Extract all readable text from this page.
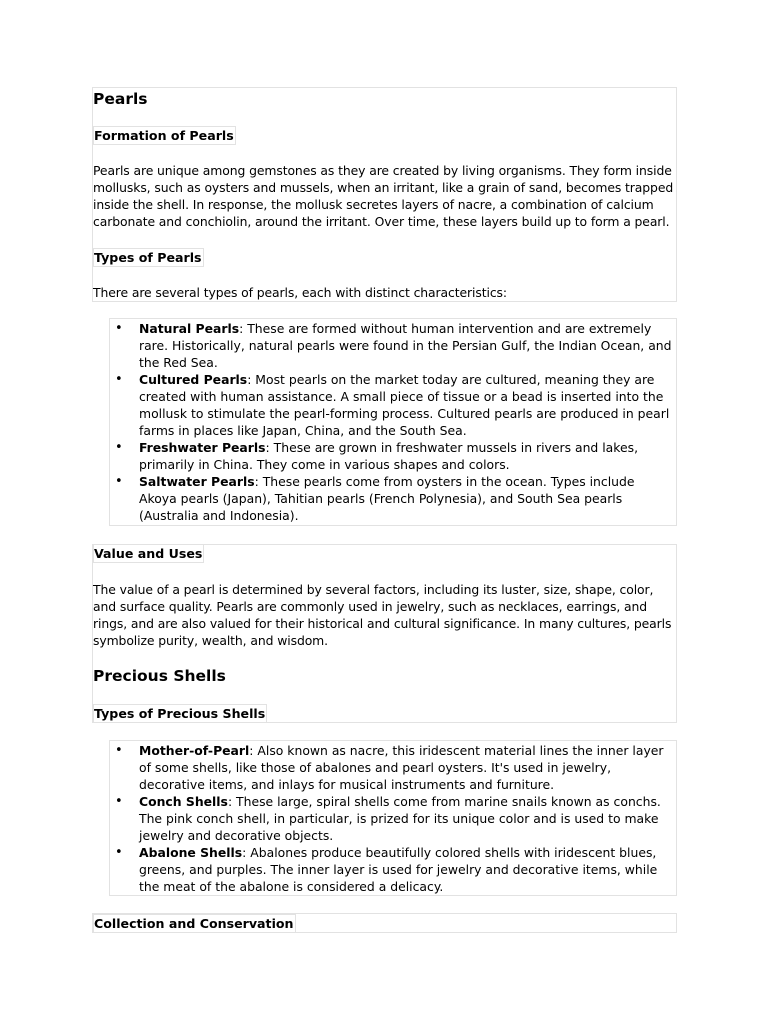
Pearls
Formation of Pearls

Pearls are unique among gemstones as they are created by living organisms. They form inside mollusks, such as oysters and mussels, when an irritant, like a grain of sand, becomes trapped inside the shell. In response, the mollusk secretes layers of nacre, a combination of calcium carbonate and conchiolin, around the irritant. Over time, these layers build up to form a pearl.

Types of Pearls

There are several types of pearls, each with distinct characteristics:

• Natural Pearls: These are formed without human intervention and are extremely rare. Historically, natural pearls were found in the Persian Gulf, the Indian Ocean, and the Red Sea.
• Cultured Pearls: Most pearls on the market today are cultured, meaning they are created with human assistance. A small piece of tissue or a bead is inserted into the mollusk to stimulate the pearl-forming process. Cultured pearls are produced in pearl farms in places like Japan, China, and the South Sea.
• Freshwater Pearls: These are grown in freshwater mussels in rivers and lakes, primarily in China. They come in various shapes and colors.
• Saltwater Pearls: These pearls come from oysters in the ocean. Types include Akoya pearls (Japan), Tahitian pearls (French Polynesia), and South Sea pearls (Australia and Indonesia).
Value and Uses

The value of a pearl is determined by several factors, including its luster, size, shape, color, and surface quality. Pearls are commonly used in jewelry, such as necklaces, earrings, and rings, and are also valued for their historical and cultural significance. In many cultures, pearls symbolize purity, wealth, and wisdom.

Precious Shells
Types of Precious Shells
• Mother-of-Pearl: Also known as nacre, this iridescent material lines the inner layer of some shells, like those of abalones and pearl oysters. It's used in jewelry, decorative items, and inlays for musical instruments and furniture.
• Conch Shells: These large, spiral shells come from marine snails known as conchs. The pink conch shell, in particular, is prized for its unique color and is used to make jewelry and decorative objects.
• Abalone Shells: Abalones produce beautifully colored shells with iridescent blues, greens, and purples. The inner layer is used for jewelry and decorative items, while the meat of the abalone is considered a delicacy.
Collection and Conservation
